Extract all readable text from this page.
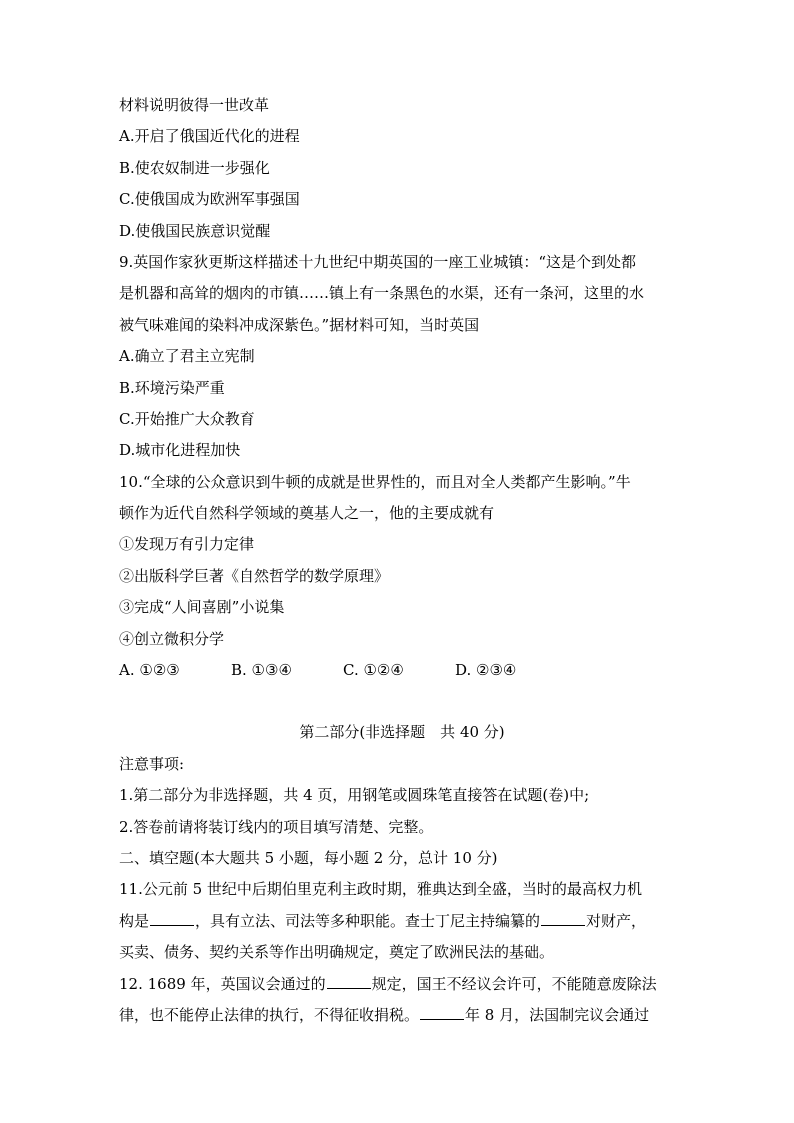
材料说明彼得一世改革
A.开启了俄国近代化的进程
B.使农奴制进一步强化
C.使俄国成为欧洲军事强国
D.使俄国民族意识觉醒
9.英国作家狄更斯这样描述十九世纪中期英国的一座工业城镇：“这是个到处都
是机器和高耸的烟肉的市镇……镇上有一条黑色的水渠，还有一条河，这里的水
被气味难闻的染料冲成深紫色。”据材料可知，当时英国
A.确立了君主立宪制
B.环境污染严重
C.开始推广大众教育
D.城市化进程加快
10.“全球的公众意识到牛顿的成就是世界性的，而且对全人类都产生影响。”牛
顿作为近代自然科学领域的奠基人之一，他的主要成就有
①发现万有引力定律
②出版科学巨著《自然哲学的数学原理》
③完成“人间喜剧”小说集
④创立微积分学
A. ①②③	B. ①③④	C. ①②④	D. ②③④
第二部分(非选择题　共 40 分)
注意事项:
1.第二部分为非选择题，共 4 页，用钢笔或圆珠笔直接答在试题(卷)中;
2.答卷前请将装订线内的项目填写清楚、完整。
二、填空题(本大题共 5 小题，每小题 2 分，总计 10 分)
11.公元前 5 世纪中后期伯里克利主政时期，雅典达到全盛，当时的最高权力机
构是	，具有立法、司法等多种职能。查士丁尼主持编纂的	对财产，
买卖、债务、契约关系等作出明确规定，奠定了欧洲民法的基础。
12. 1689 年，英国议会通过的	规定，国王不经议会许可，不能随意废除法
律，也不能停止法律的执行，不得征收捐税。	年 8 月，法国制完议会通过
